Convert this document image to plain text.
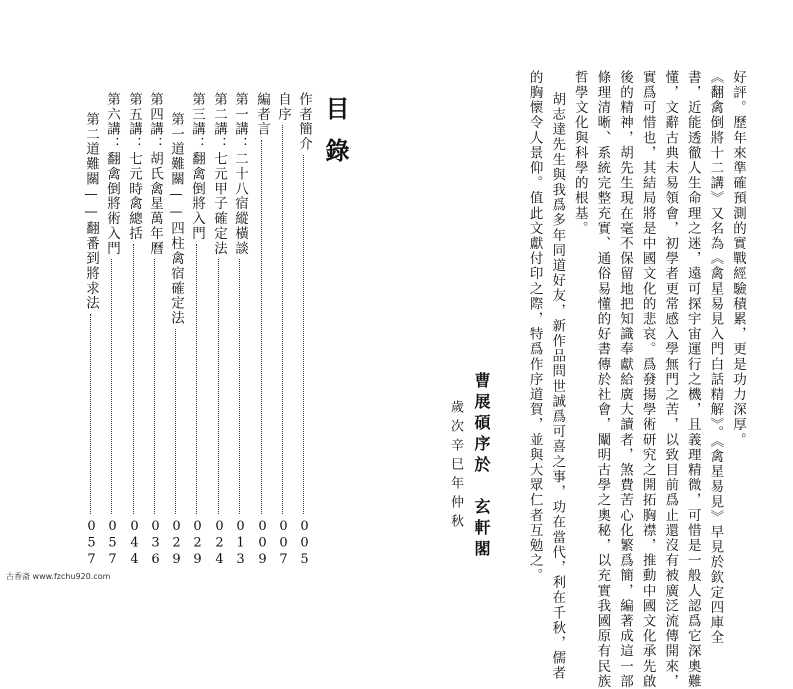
好評。歷年來準確預測的實戰經驗積累，更是功力深厚。
《翻禽倒將十二講》又名為《禽星易見入門白話精解》。《禽星易見》早見於欽定四庫全
書，近能透徹人生命理之迷，遠可探宇宙運行之機，且義理精微，可惜是一般人認爲它深奧難
懂，文辭古典未易領會，初學者更常感入學無門之苦，以致目前爲止還沒有被廣泛流傳開來，
實爲可惜也，其結局將是中國文化的悲哀。爲發揚學術研究之開拓胸襟，推動中國文化承先啟
後的精神，胡先生現在毫不保留地把知識奉獻給廣大讀者，煞費苦心化繁爲簡，編著成這一部
條理清晰、系統完整充實、通俗易懂的好書傳於社會，闡明古學之奧秘，以充實我國原有民族
哲學文化與科學的根基。
胡志達先生與我爲多年同道好友，新作品問世誠爲可喜之事，功在當代，利在千秋，儒者
的胸懷令人景仰。值此文獻付印之際，特爲作序道賀，並與大眾仁者互勉之。
曹展碩序於　玄軒閣
歲次辛巳年仲秋
目錄
作者簡介
005
自序
007
編者言
009
第一講：二十八宿縱橫談
013
第二講：七元甲子確定法
024
第三講：翻禽倒將入門
029
第一道難關——四柱禽宿確定法
029
第四講：胡氏禽星萬年曆
036
第五講：七元時禽總括
044
第六講：翻禽倒將術入門
057
第二道難關——翻番到將求法
057
古香斋 www.fzchu920.com
